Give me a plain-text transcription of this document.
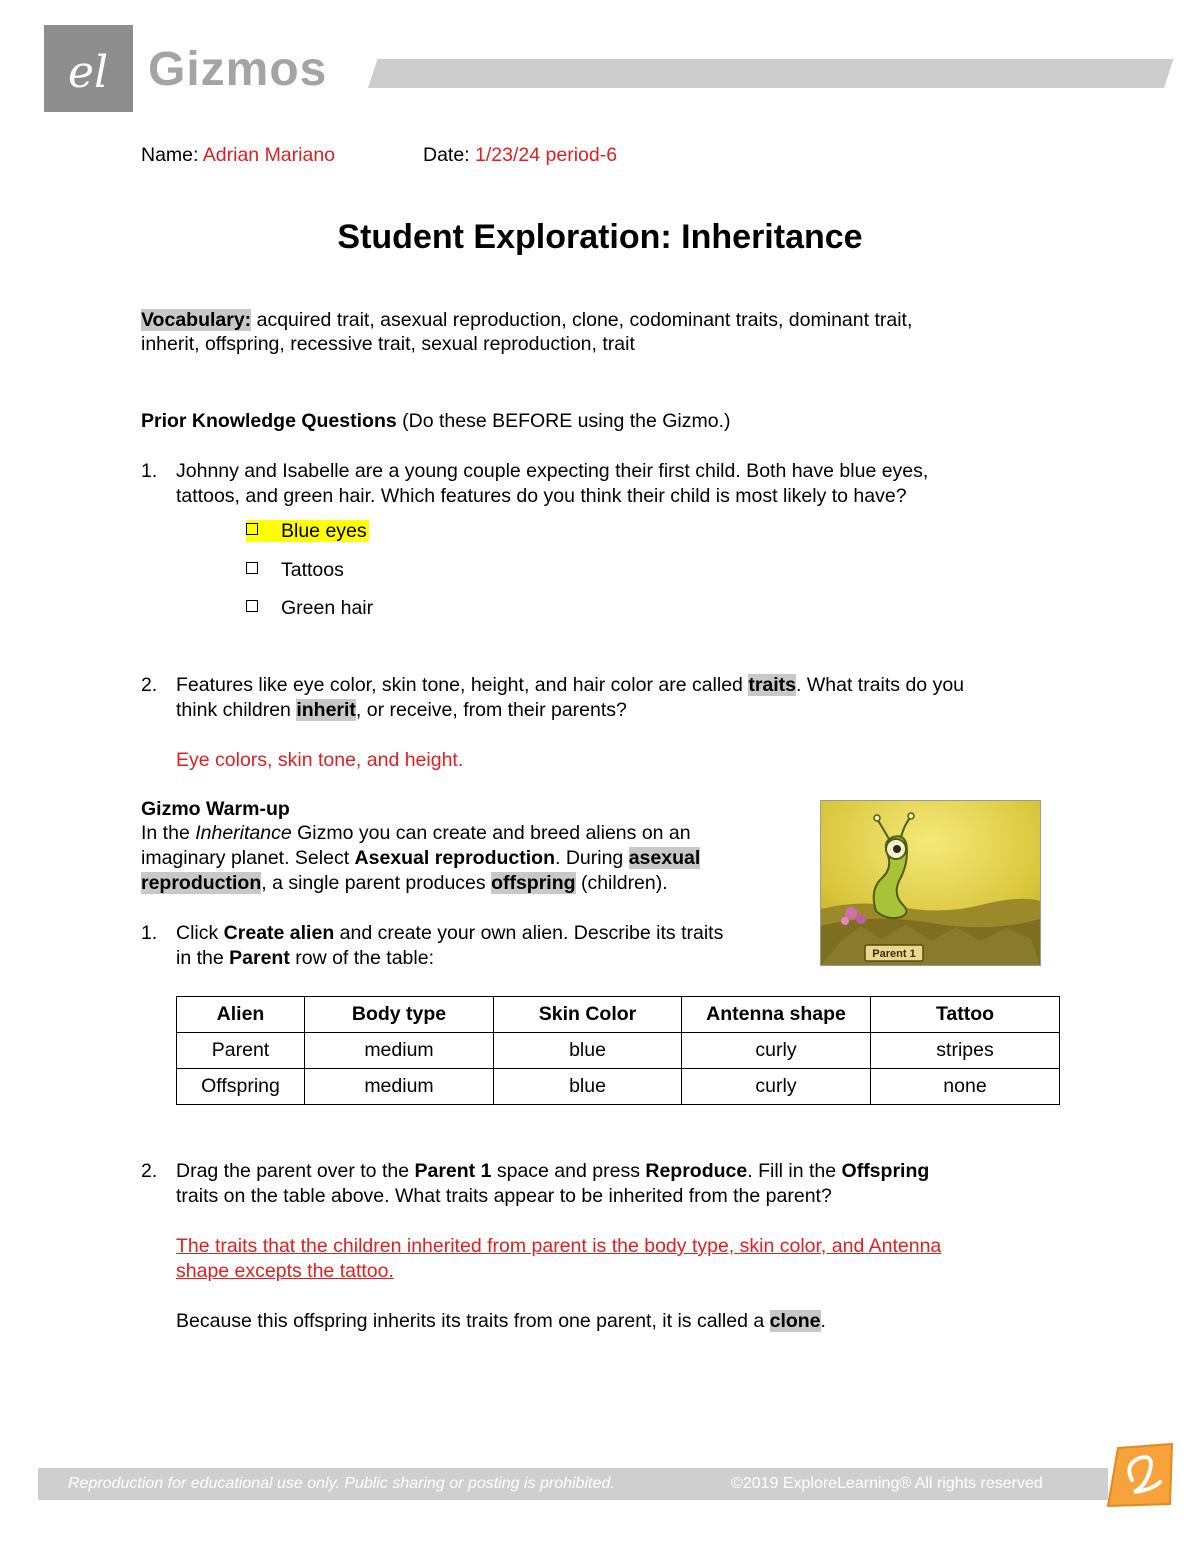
el Gizmos
Name: Adrian Mariano	Date: 1/23/24 period-6
Student Exploration: Inheritance
Vocabulary: acquired trait, asexual reproduction, clone, codominant traits, dominant trait,
inherit, offspring, recessive trait, sexual reproduction, trait
Prior Knowledge Questions (Do these BEFORE using the Gizmo.)
1. Johnny and Isabelle are a young couple expecting their first child. Both have blue eyes,
tattoos, and green hair. Which features do you think their child is most likely to have?
Blue eyes
Tattoos
Green hair
2. Features like eye color, skin tone, height, and hair color are called traits. What traits do you
think children inherit, or receive, from their parents?
Eye colors, skin tone, and height.
Gizmo Warm-up
In the Inheritance Gizmo you can create and breed aliens on an
imaginary planet. Select Asexual reproduction. During asexual
reproduction, a single parent produces offspring (children).
1. Click Create alien and create your own alien. Describe its traits
in the Parent row of the table:	Parent 1
Alien	Body type	Skin Color	Antenna shape	Tattoo
Parent	medium	blue	curly	stripes
Offspring	medium	blue	curly	none
2. Drag the parent over to the Parent 1 space and press Reproduce. Fill in the Offspring
traits on the table above. What traits appear to be inherited from the parent?
The traits that the children inherited from parent is the body type, skin color, and Antenna
shape excepts the tattoo.
Because this offspring inherits its traits from one parent, it is called a clone.
Reproduction for educational use only. Public sharing or posting is prohibited.	©2019 ExploreLearning® All rights reserved
